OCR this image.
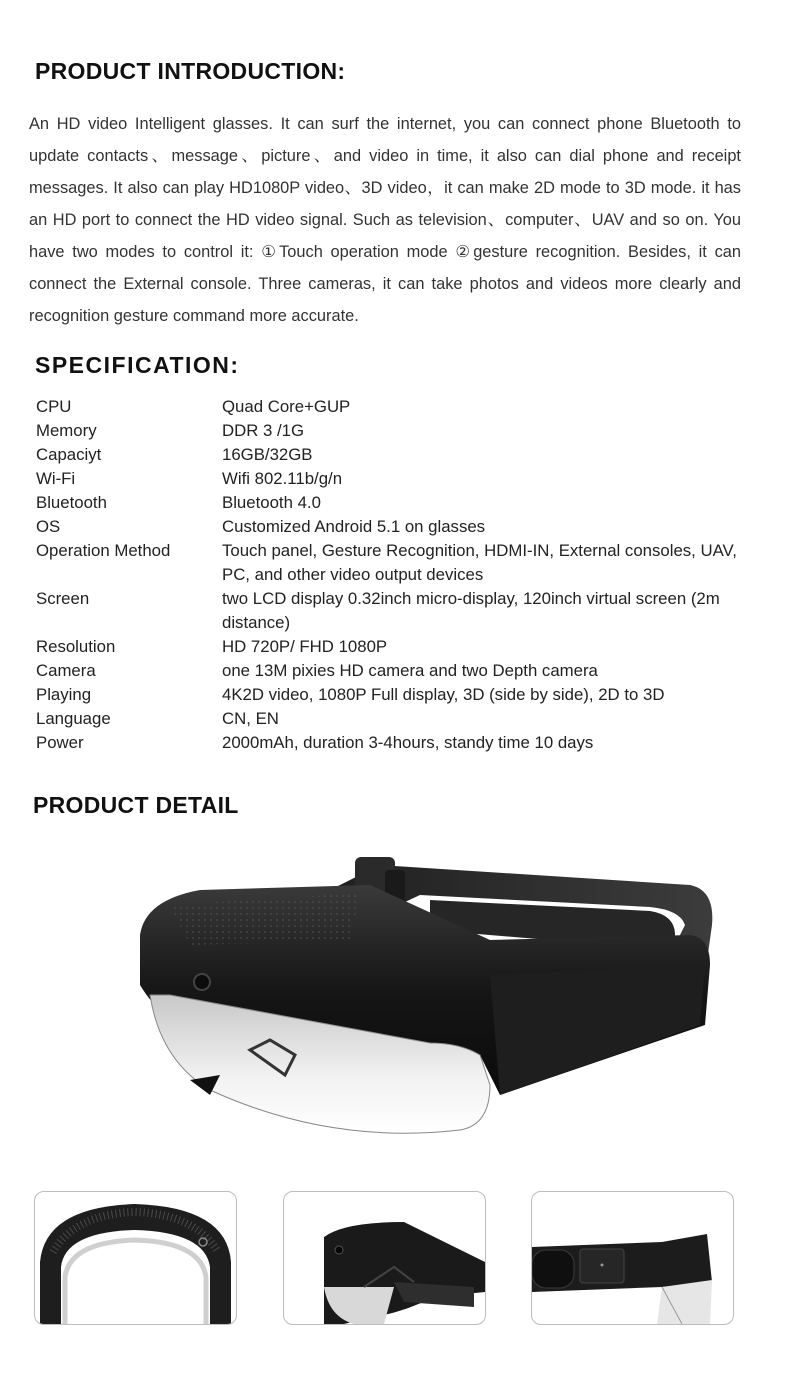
PRODUCT INTRODUCTION:

An HD video Intelligent glasses. It can surf the internet, you can connect phone Bluetooth to update contacts、message、picture、and video in time, it also can dial phone and receipt messages. It also can play HD1080P video、3D video，it can make 2D mode to 3D mode. it has an HD port to connect the HD video signal. Such as television、computer、UAV and so on. You have two modes to control it: ①Touch operation mode ②gesture recognition. Besides, it can connect the External console. Three cameras, it can take photos and videos more clearly and recognition gesture command more accurate.

SPECIFICATION:
CPU	Quad Core+GUP
Memory	DDR 3 /1G
Capaciyt	16GB/32GB
Wi-Fi	Wifi 802.11b/g/n
Bluetooth	Bluetooth 4.0
OS	Customized Android 5.1 on glasses
Operation Method	Touch panel, Gesture Recognition, HDMI-IN, External consoles, UAV, PC, and other video output devices
Screen	two LCD display 0.32inch micro-display, 120inch virtual screen (2m distance)
Resolution	HD 720P/ FHD 1080P
Camera	one 13M pixies HD camera and two Depth camera
Playing	4K2D video, 1080P Full display, 3D (side by side), 2D to 3D
Language	CN, EN
Power	2000mAh, duration 3-4hours, standy time 10 days
PRODUCT DETAIL
